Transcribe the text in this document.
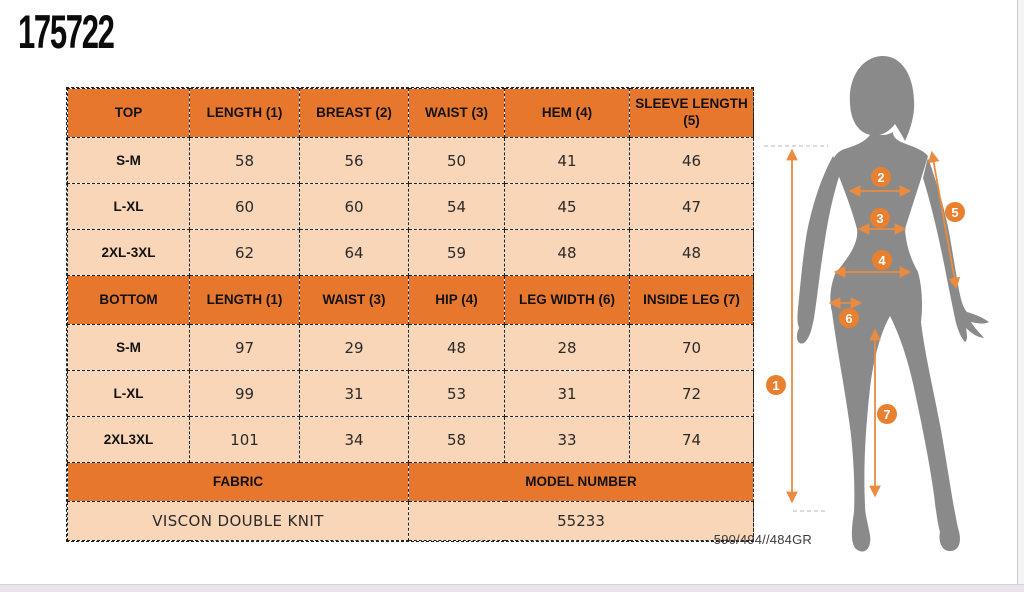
175722
TOP	LENGTH (1)	BREAST (2)	WAIST (3)	HEM (4)	SLEEVE LENGTH (5)
S-M	58	56	50	41	46
L-XL	60	60	54	45	47
2XL-3XL	62	64	59	48	48
BOTTOM	LENGTH (1)	WAIST (3)	HIP (4)	LEG WIDTH (6)	INSIDE LEG (7)
S-M	97	29	48	28	70
L-XL	99	31	53	31	72
2XL3XL	101	34	58	33	74
FABRIC			MODEL NUMBER		
VISCON DOUBLE KNIT			55233		
590/494//484GR
1
2
3
4
5
6
7
